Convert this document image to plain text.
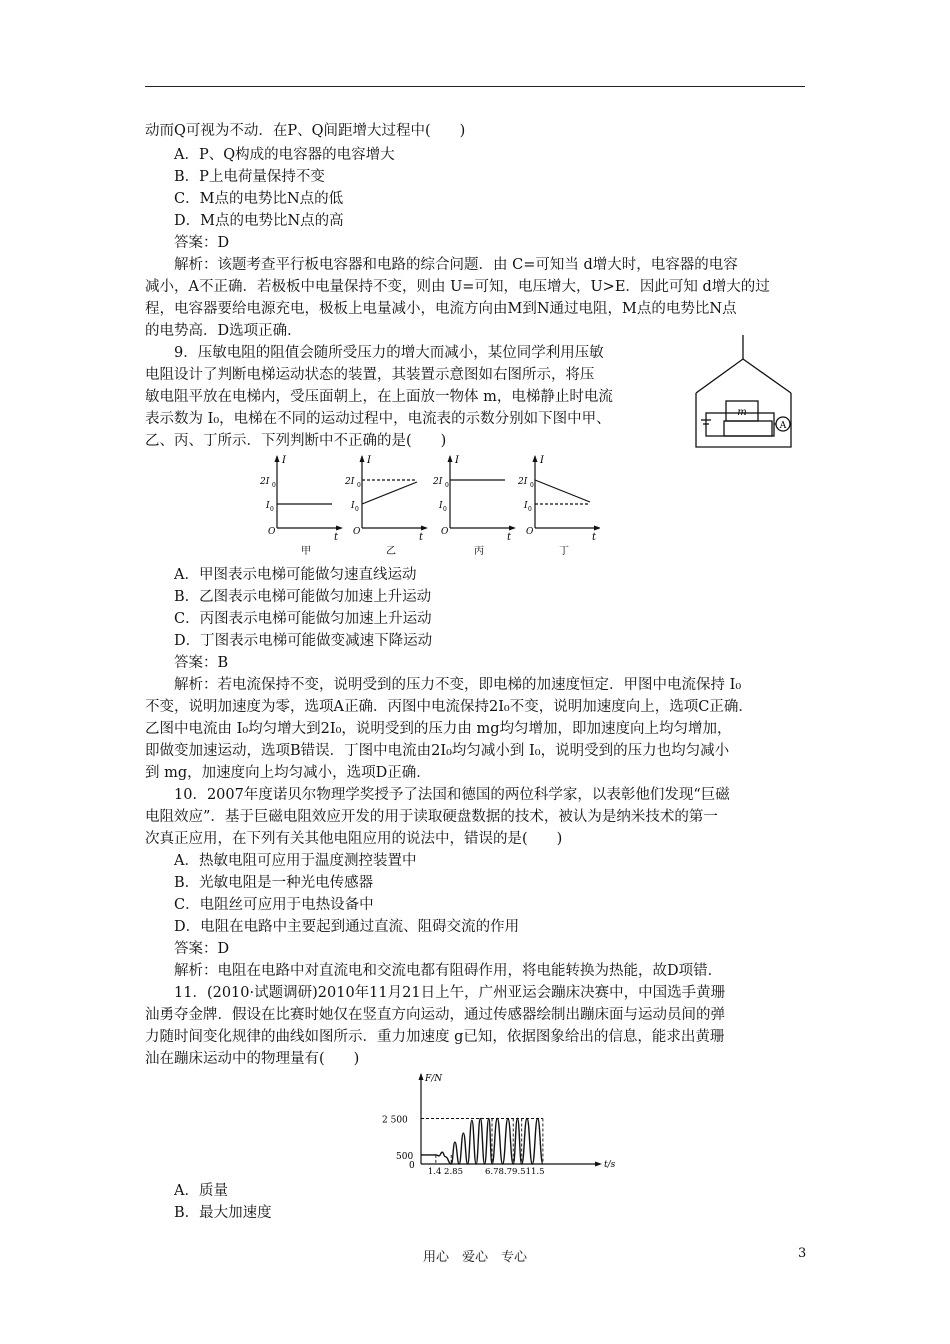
动而Q可视为不动．在P、Q间距增大过程中(　　)
A．P、Q构成的电容器的电容增大
B．P上电荷量保持不变
C．M点的电势比N点的低
D．M点的电势比N点的高
答案：D
解析：该题考查平行板电容器和电路的综合问题．由 C=可知当 d增大时，电容器的电容
减小，A不正确．若极板中电量保持不变，则由 U=可知，电压增大，U>E．因此可知 d增大的过
程，电容器要给电源充电，极板上电量减小，电流方向由M到N通过电阻，M点的电势比N点
的电势高．D选项正确．
9．压敏电阻的阻值会随所受压力的增大而减小，某位同学利用压敏
电阻设计了判断电梯运动状态的装置，其装置示意图如右图所示，将压
敏电阻平放在电梯内，受压面朝上，在上面放一物体 m，电梯静止时电流
表示数为 I₀，电梯在不同的运动过程中，电流表的示数分别如下图中甲、
乙、丙、丁所示．下列判断中不正确的是(　　)
m
A
I
t
O
2I 0
I 0
甲
I
t
O
2I 0
I 0
乙
I
t
O
2I 0
I 0
丙
I
t
O
2I 0
I 0
丁
A．甲图表示电梯可能做匀速直线运动
B．乙图表示电梯可能做匀加速上升运动
C．丙图表示电梯可能做匀加速上升运动
D．丁图表示电梯可能做变减速下降运动
答案：B
解析：若电流保持不变，说明受到的压力不变，即电梯的加速度恒定．甲图中电流保持 I₀
不变，说明加速度为零，选项A正确．丙图中电流保持2I₀不变，说明加速度向上，选项C正确．
乙图中电流由 I₀均匀增大到2I₀，说明受到的压力由 mg均匀增加，即加速度向上均匀增加，
即做变加速运动，选项B错误．丁图中电流由2I₀均匀减小到 I₀，说明受到的压力也均匀减小
到 mg，加速度向上均匀减小，选项D正确．
10．2007年度诺贝尔物理学奖授予了法国和德国的两位科学家，以表彰他们发现“巨磁
电阻效应”．基于巨磁电阻效应开发的用于读取硬盘数据的技术，被认为是纳米技术的第一
次真正应用，在下列有关其他电阻应用的说法中，错误的是(　　)
A．热敏电阻可应用于温度测控装置中
B．光敏电阻是一种光电传感器
C．电阻丝可应用于电热设备中
D．电阻在电路中主要起到通过直流、阻碍交流的作用
答案：D
解析：电阻在电路中对直流电和交流电都有阻碍作用，将电能转换为热能，故D项错．
11．(2010·试题调研)2010年11月21日上午，广州亚运会蹦床决赛中，中国选手黄珊
汕勇夺金牌．假设在比赛时她仅在竖直方向运动，通过传感器绘制出蹦床面与运动员间的弹
力随时间变化规律的曲线如图所示．重力加速度 g已知，依据图象给出的信息，能求出黄珊
汕在蹦床运动中的物理量有(　　)
F/N
t/s
0
2 500
500
1.4 2.85	6.78.79.511.5
A．质量
B．最大加速度
用心　爱心　专心	3
